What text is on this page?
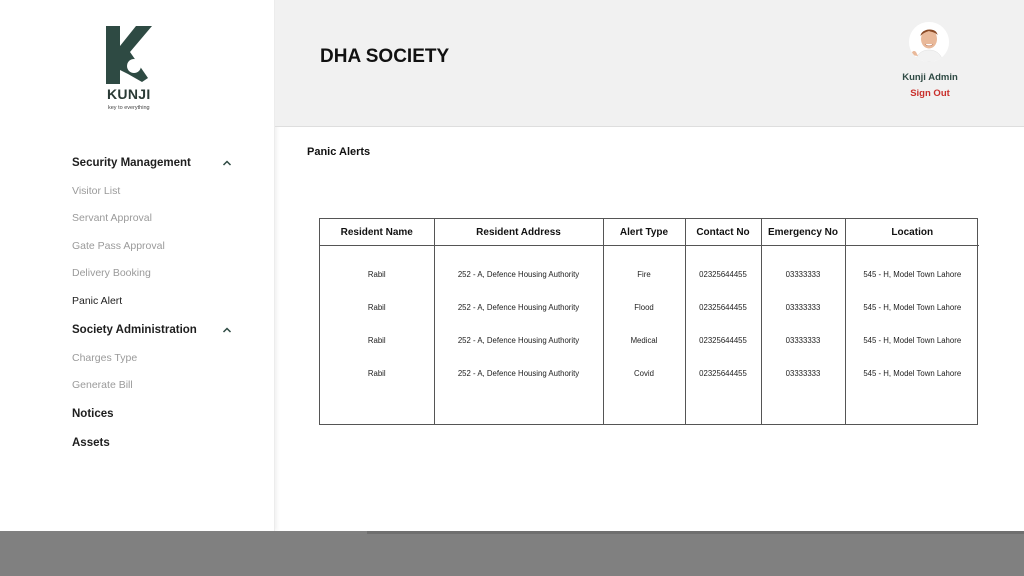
KUNJI
key to everything
Security Management
Visitor List
Servant Approval
Gate Pass Approval
Delivery Booking
Panic Alert
Society Administration
Charges Type
Generate Bill
Notices
Assets
DHA SOCIETY
Kunji Admin
Sign Out
Panic Alerts
Resident Name	Resident Address	Alert Type	Contact No	Emergency No	Location
Rabil	252 - A, Defence Housing Authority	Fire	02325644455	03333333	545 - H, Model Town Lahore
Rabil	252 - A, Defence Housing Authority	Flood	02325644455	03333333	545 - H, Model Town Lahore
Rabil	252 - A, Defence Housing Authority	Medical	02325644455	03333333	545 - H, Model Town Lahore
Rabil	252 - A, Defence Housing Authority	Covid	02325644455	03333333	545 - H, Model Town Lahore
